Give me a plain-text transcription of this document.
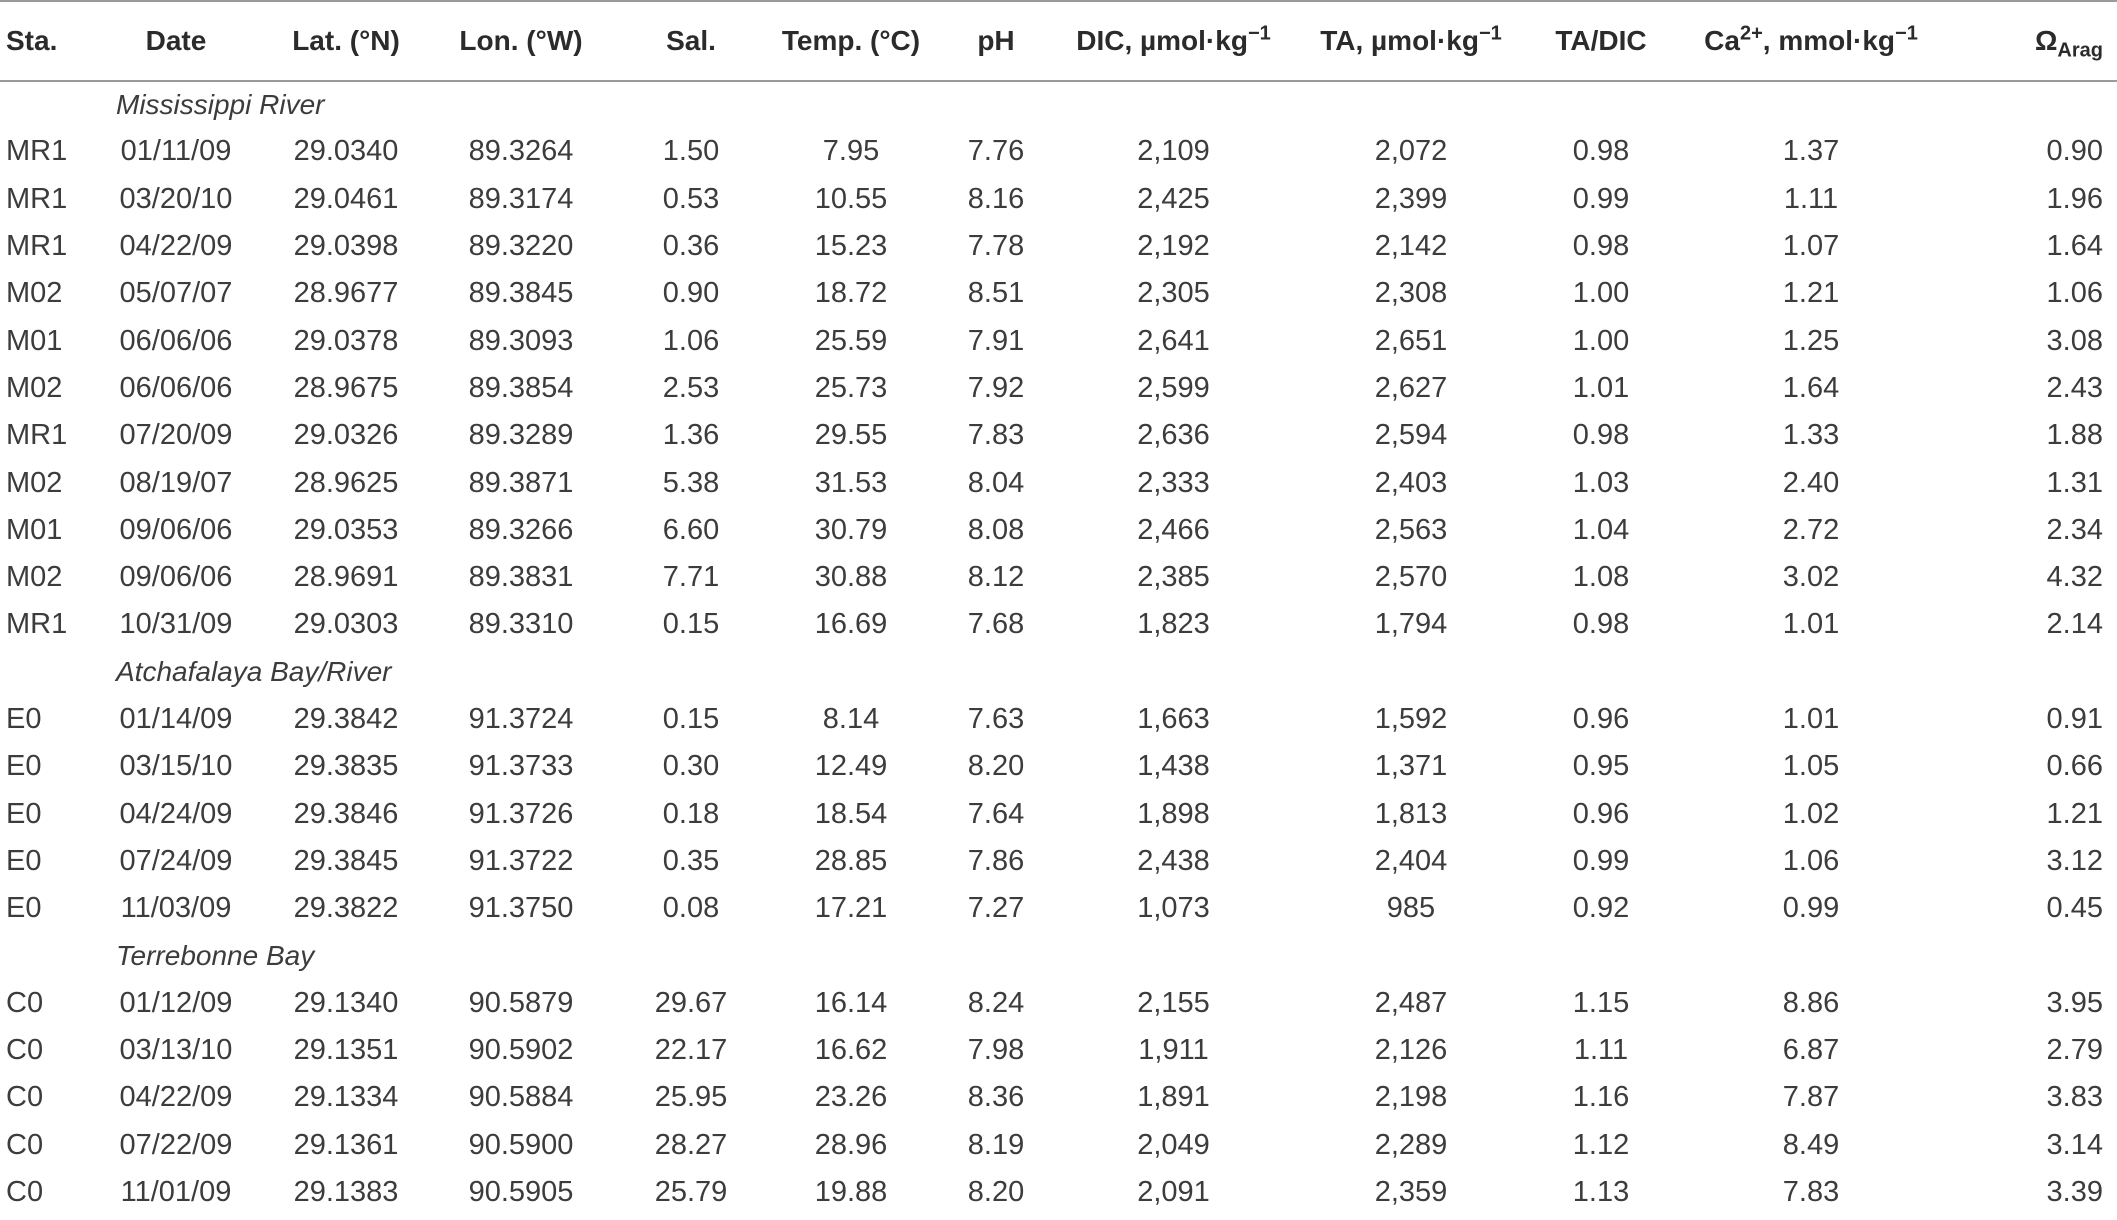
Sta.	Date	Lat. (°N)	Lon. (°W)	Sal.	Temp. (°C)	pH	DIC, $\mu mol\cdot kg^{-1}$	TA, $\mu mol\cdot kg^{-1}$	TA/DIC	$Ca^{2+}$, $mmol\cdot kg^{-1}$	$\Omega_{Arag}$
	Mississippi River										
MR1	01/11/09	29.0340	89.3264	1.50	7.95	7.76	2,109	2,072	0.98	1.37	0.90
MR1	03/20/10	29.0461	89.3174	0.53	10.55	8.16	2,425	2,399	0.99	1.11	1.96
MR1	04/22/09	29.0398	89.3220	0.36	15.23	7.78	2,192	2,142	0.98	1.07	1.64
M02	05/07/07	28.9677	89.3845	0.90	18.72	8.51	2,305	2,308	1.00	1.21	1.06
M01	06/06/06	29.0378	89.3093	1.06	25.59	7.91	2,641	2,651	1.00	1.25	3.08
M02	06/06/06	28.9675	89.3854	2.53	25.73	7.92	2,599	2,627	1.01	1.64	2.43
MR1	07/20/09	29.0326	89.3289	1.36	29.55	7.83	2,636	2,594	0.98	1.33	1.88
M02	08/19/07	28.9625	89.3871	5.38	31.53	8.04	2,333	2,403	1.03	2.40	1.31
M01	09/06/06	29.0353	89.3266	6.60	30.79	8.08	2,466	2,563	1.04	2.72	2.34
M02	09/06/06	28.9691	89.3831	7.71	30.88	8.12	2,385	2,570	1.08	3.02	4.32
MR1	10/31/09	29.0303	89.3310	0.15	16.69	7.68	1,823	1,794	0.98	1.01	2.14
	Atchafalaya Bay/River										
E0	01/14/09	29.3842	91.3724	0.15	8.14	7.63	1,663	1,592	0.96	1.01	0.91
E0	03/15/10	29.3835	91.3733	0.30	12.49	8.20	1,438	1,371	0.95	1.05	0.66
E0	04/24/09	29.3846	91.3726	0.18	18.54	7.64	1,898	1,813	0.96	1.02	1.21
E0	07/24/09	29.3845	91.3722	0.35	28.85	7.86	2,438	2,404	0.99	1.06	3.12
E0	11/03/09	29.3822	91.3750	0.08	17.21	7.27	1,073	985	0.92	0.99	0.45
	Terrebonne Bay										
C0	01/12/09	29.1340	90.5879	29.67	16.14	8.24	2,155	2,487	1.15	8.86	3.95
C0	03/13/10	29.1351	90.5902	22.17	16.62	7.98	1,911	2,126	1.11	6.87	2.79
C0	04/22/09	29.1334	90.5884	25.95	23.26	8.36	1,891	2,198	1.16	7.87	3.83
C0	07/22/09	29.1361	90.5900	28.27	28.96	8.19	2,049	2,289	1.12	8.49	3.14
C0	11/01/09	29.1383	90.5905	25.79	19.88	8.20	2,091	2,359	1.13	7.83	3.39
